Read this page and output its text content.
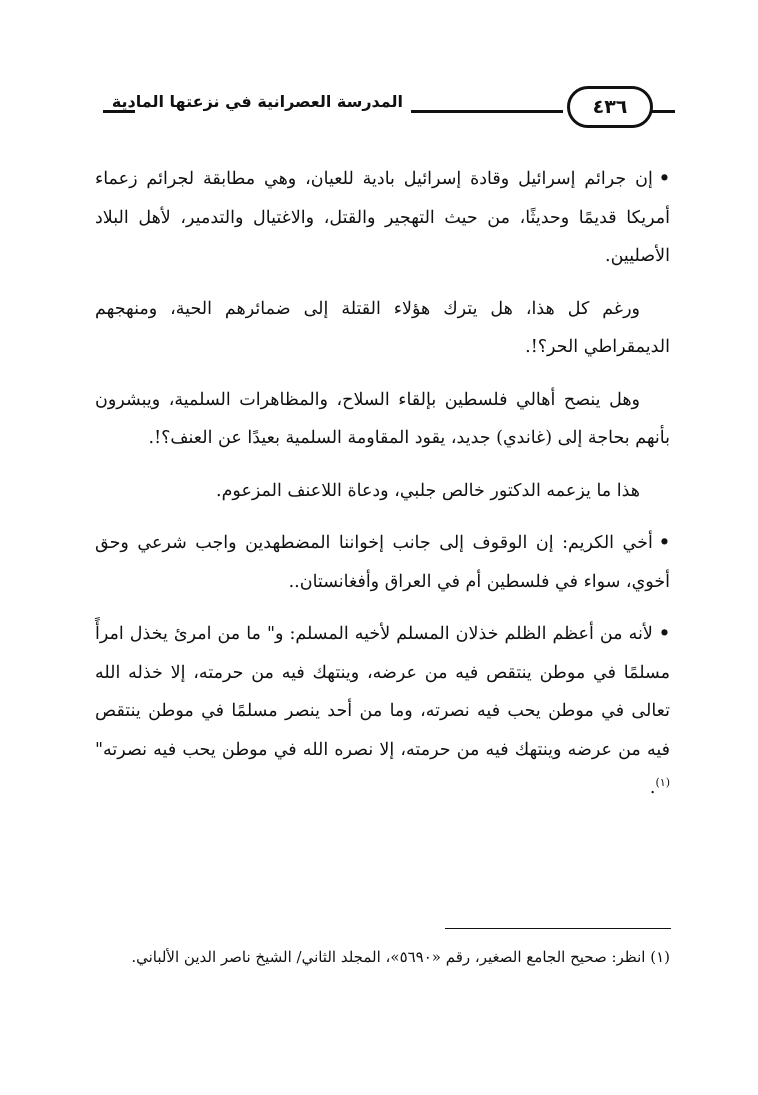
المدرسة العصرانية في نزعتها المادية	٤٣٦

• إن جرائم إسرائيل وقادة إسرائيل بادية للعيان، وهي مطابقة لجرائم زعماء أمريكا قديمًا وحديثًا، من حيث التهجير والقتل، والاغتيال والتدمير، لأهل البلاد الأصليين.

ورغم كل هذا، هل يترك هؤلاء القتلة إلى ضمائرهم الحية، ومنهجهم الديمقراطي الحر؟!.

وهل ينصح أهالي فلسطين بإلقاء السلاح، والمظاهرات السلمية، ويبشرون بأنهم بحاجة إلى (غاندي) جديد، يقود المقاومة السلمية بعيدًا عن العنف؟!.

هذا ما يزعمه الدكتور خالص جلبي، ودعاة اللاعنف المزعوم.

• أخي الكريم: إن الوقوف إلى جانب إخواننا المضطهدين واجب شرعي وحق أخوي، سواء في فلسطين أم في العراق وأفغانستان..

• لأنه من أعظم الظلم خذلان المسلم لأخيه المسلم: و" ما من امرئ يخذل امرأً مسلمًا في موطن ينتقص فيه من عرضه، وينتهك فيه من حرمته، إلا خذله الله تعالى في موطن يحب فيه نصرته، وما من أحد ينصر مسلمًا في موطن ينتقص فيه من عرضه وينتهك فيه من حرمته، إلا نصره الله في موطن يحب فيه نصرته"$^{(١)}$.

(١) انظر: صحيح الجامع الصغير، رقم «٥٦٩٠»، المجلد الثاني/ الشيخ ناصر الدين الألباني.
